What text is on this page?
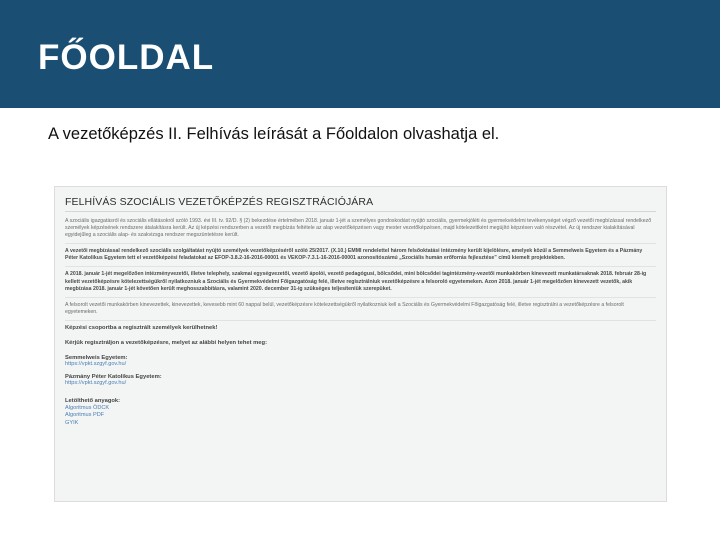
FŐOLDAL
A vezetőképzés II. Felhívás leírását a Főoldalon olvashatja el.
FELHÍVÁS SZOCIÁLIS VEZETŐKÉPZÉS REGISZTRÁCIÓJÁRA

A szociális igazgatásról és szociális ellátásokról szóló 1993. évi III. tv. 92/D. § (2) bekezdése értelmében 2018. január 1-jét a személyes gondoskodást nyújtó szociális, gyermekjóléti és gyermekvédelmi tevékenységet végző vezetői megbízással rendelkező személyek képzésének rendszere átalakításra került. Az új képzési rendszerben a vezetői megbízás feltétele az alap vezetőképzésen vagy mester vezetőképzésen, majd kötelezettként megújító képzésen való részvétel. Az új rendszer kialakításával egyidejűleg a szociális alap- és szakvizsga rendszer megszüntetésre került.

A vezetői megbízással rendelkező szociális szolgáltatást nyújtó személyek vezetőképzéséről szóló 25/2017. (X.10.) EMMI rendelettel három felsőoktatási intézmény került kijelölésre, amelyek közül a Semmelweis Egyetem és a Pázmány Péter Katolikus Egyetem tett el vezetőképzési feladatokat az EFOP-3.8.2-16-2016-00001 és VEKOP-7.3.1-16-2016-00001 azonosítószámú „Szociális humán erőforrás fejlesztése” című kiemelt projektekben.

A 2018. január 1-jét megelőzően intézményvezetői, illetve telephely, szakmai egységvezetői, vezető ápolói, vezető pedagógusi, bölcsődei, mini bölcsődei tagintézmény-vezetői munkakörben kinevezett munkatársaknak 2018. február 28-ig kellett vezetőképzésre kötelezettségükről nyilatkozniuk a Szociális és Gyermekvédelmi Főigazgatóság felé, illetve regisztrálniuk vezetőképzésre a felsoroló egyetemeken. Azon 2018. január 1-jét megelőzően kinevezett vezetők, akik megbízása 2018. január 1-jét követően került meghosszabbításra, valamint 2020. december 31-ig szükséges teljesíteniük szerepüket.

A felsorolt vezetői munkakörben kinevezettek, kinevezettek, kevesebb mint 60 nappal belül, vezetőképzésre kötelezettségükről nyilatkozniuk kell a Szociális és Gyermekvédelmi Főigazgatóság felé, illetve regisztrálni a vezetőképzésre a felsorolt egyetemeken.

Képzési csoportba a regisztrált személyek kerülhetnek!

Kérjük regisztráljon a vezetőképzésre, melyet az alábbi helyen tehet meg:

Semmelweis Egyetem:

https://vpkt.szgyf.gov.hu/

Pázmány Péter Katolikus Egyetem:

https://vpkt.szgyf.gov.hu/

Letölthető anyagok:

Algoritmus ÖDCK
Algoritmus PDF
GYIK
